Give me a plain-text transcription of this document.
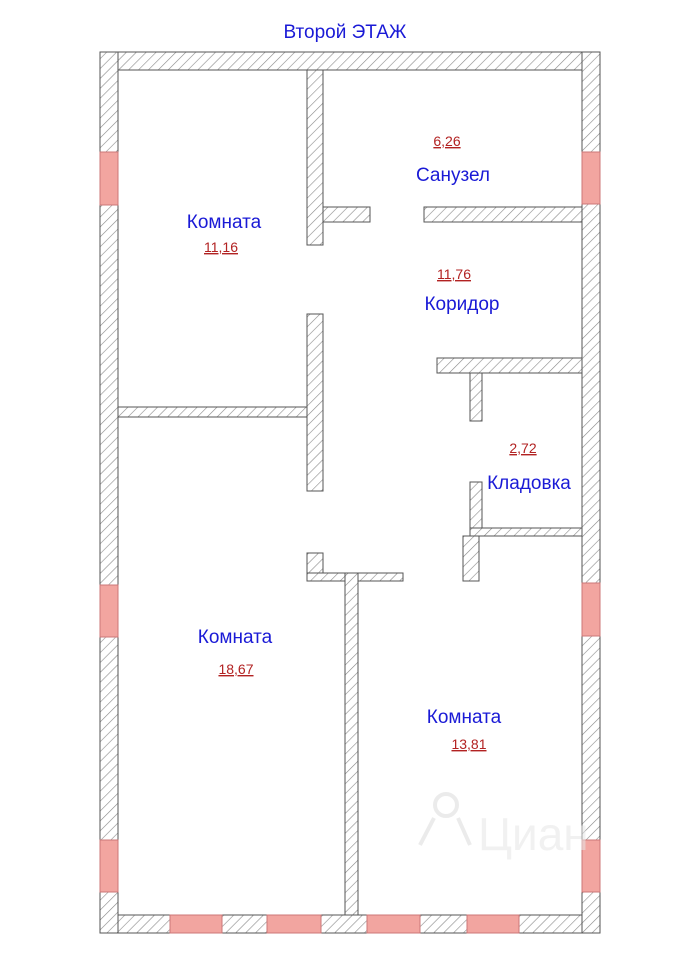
Второй ЭТАЖ
Комната
11,16
6,26
Санузел
11,76
Коридор
2,72
Кладовка
Комната
18,67
Комната
13,81
Циан
